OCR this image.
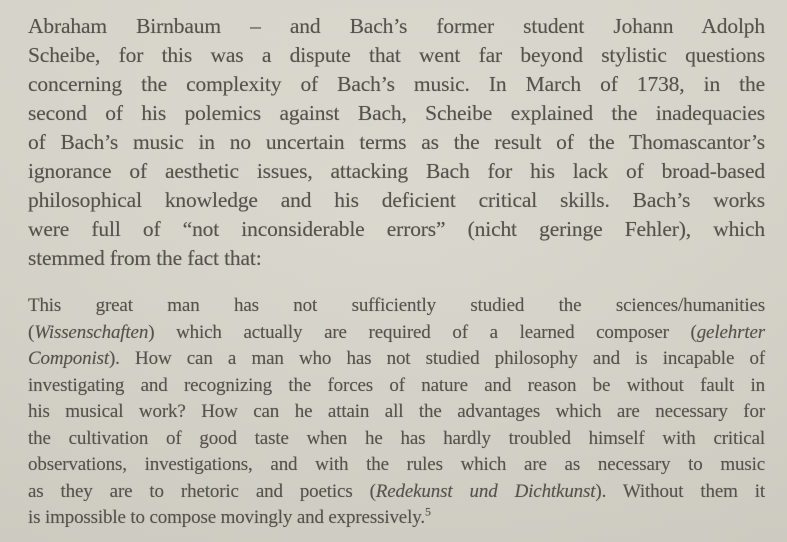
Abraham Birnbaum – and Bach’s former student Johann Adolph
Scheibe, for this was a dispute that went far beyond stylistic questions
concerning the complexity of Bach’s music. In March of 1738, in the
second of his polemics against Bach, Scheibe explained the inadequacies
of Bach’s music in no uncertain terms as the result of the Thomascantor’s
ignorance of aesthetic issues, attacking Bach for his lack of broad-based
philosophical knowledge and his deficient critical skills. Bach’s works
were full of “not inconsiderable errors” (nicht geringe Fehler), which
stemmed from the fact that:
This great man has not sufficiently studied the sciences/humanities
(Wissenschaften) which actually are required of a learned composer (gelehrter
Componist). How can a man who has not studied philosophy and is incapable of
investigating and recognizing the forces of nature and reason be without fault in
his musical work? How can he attain all the advantages which are necessary for
the cultivation of good taste when he has hardly troubled himself with critical
observations, investigations, and with the rules which are as necessary to music
as they are to rhetoric and poetics (Redekunst und Dichtkunst). Without them it
is impossible to compose movingly and expressively.$^5$
